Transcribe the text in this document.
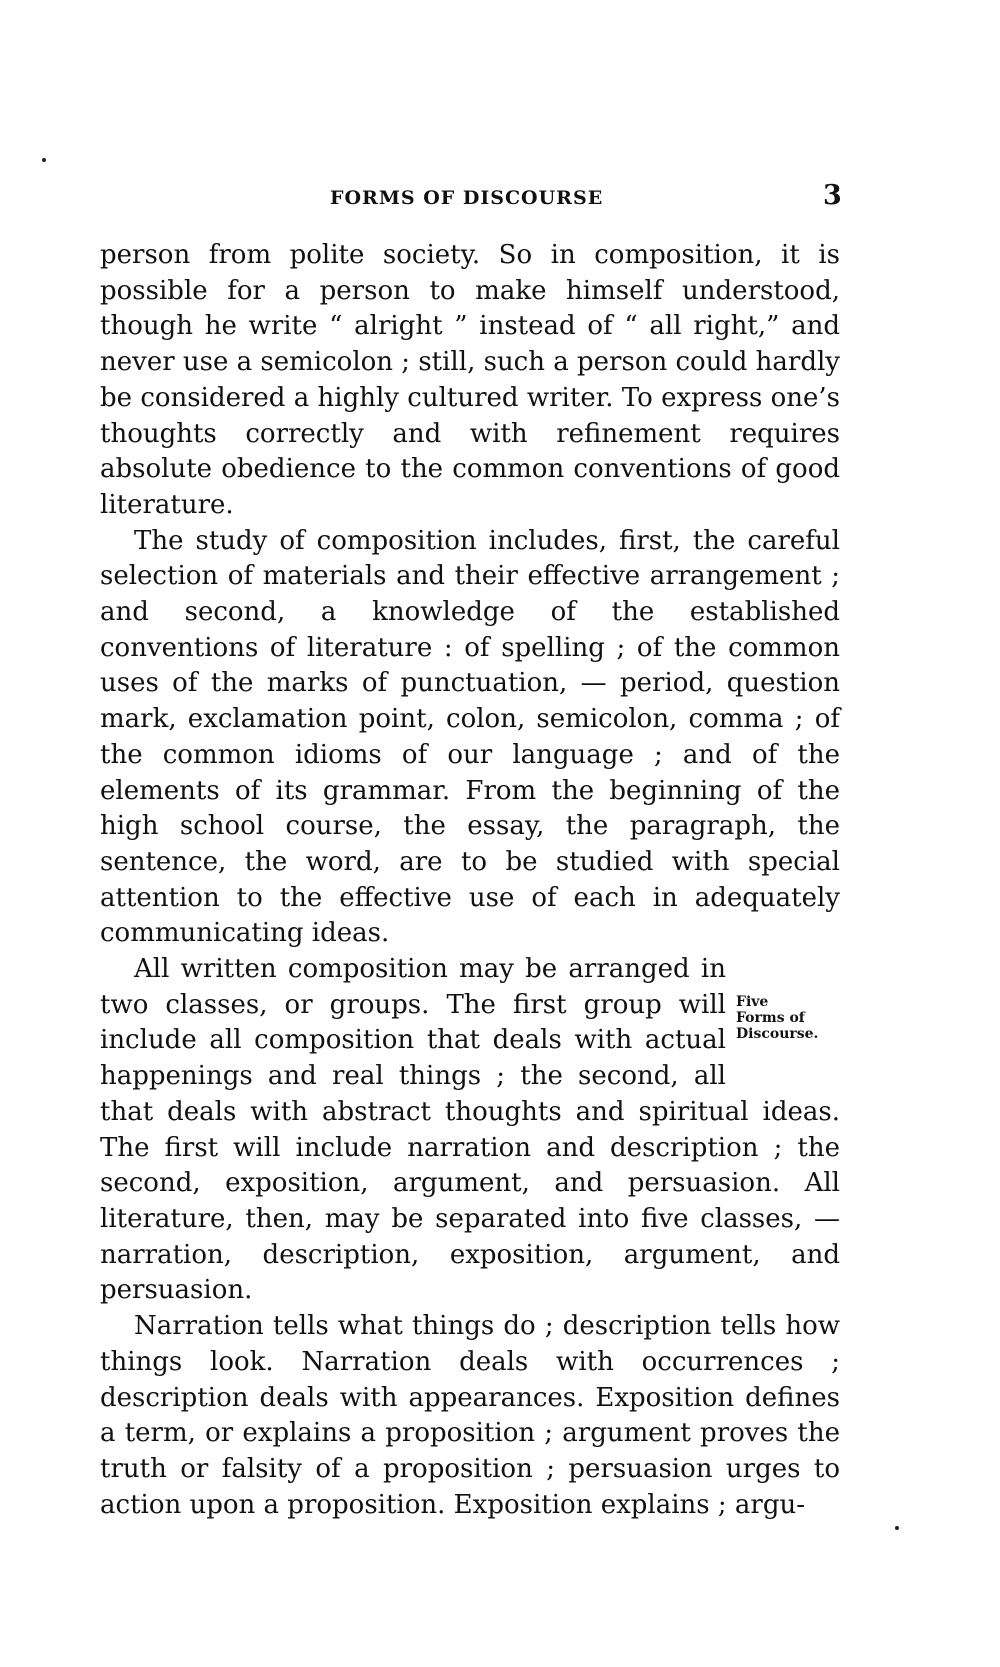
FORMS OF DISCOURSE	3

person from polite society. So in composition, it is possible for a person to make himself understood, though he write “ alright ” instead of “ all right,” and never use a semicolon ; still, such a person could hardly be considered a highly cultured writer. To express one’s thoughts correctly and with refinement requires absolute obedience to the common conventions of good literature.

The study of composition includes, first, the careful selection of materials and their effective arrangement ; and second, a knowledge of the established conventions of literature : of spelling ; of the common uses of the marks of punctuation, — period, question mark, exclamation point, colon, semicolon, comma ; of the common idioms of our language ; and of the elements of its grammar. From the beginning of the high school course, the essay, the paragraph, the sentence, the word, are to be studied with special attention to the effective use of each in adequately communicating ideas.

Five
Forms of
Discourse.
All written composition may be arranged in two classes, or groups. The first group will include all composition that deals with actual happenings and real things ; the second, all that deals with abstract thoughts and spiritual ideas. The first will include narration and description ; the second, exposition, argument, and persuasion. All literature, then, may be separated into five classes, — narration, description, exposition, argument, and persuasion.

Narration tells what things do ; description tells how things look. Narration deals with occurrences ; description deals with appearances. Exposition defines a term, or explains a proposition ; argument proves the truth or falsity of a proposition ; persuasion urges to action upon a proposition. Exposition explains ; argu-
